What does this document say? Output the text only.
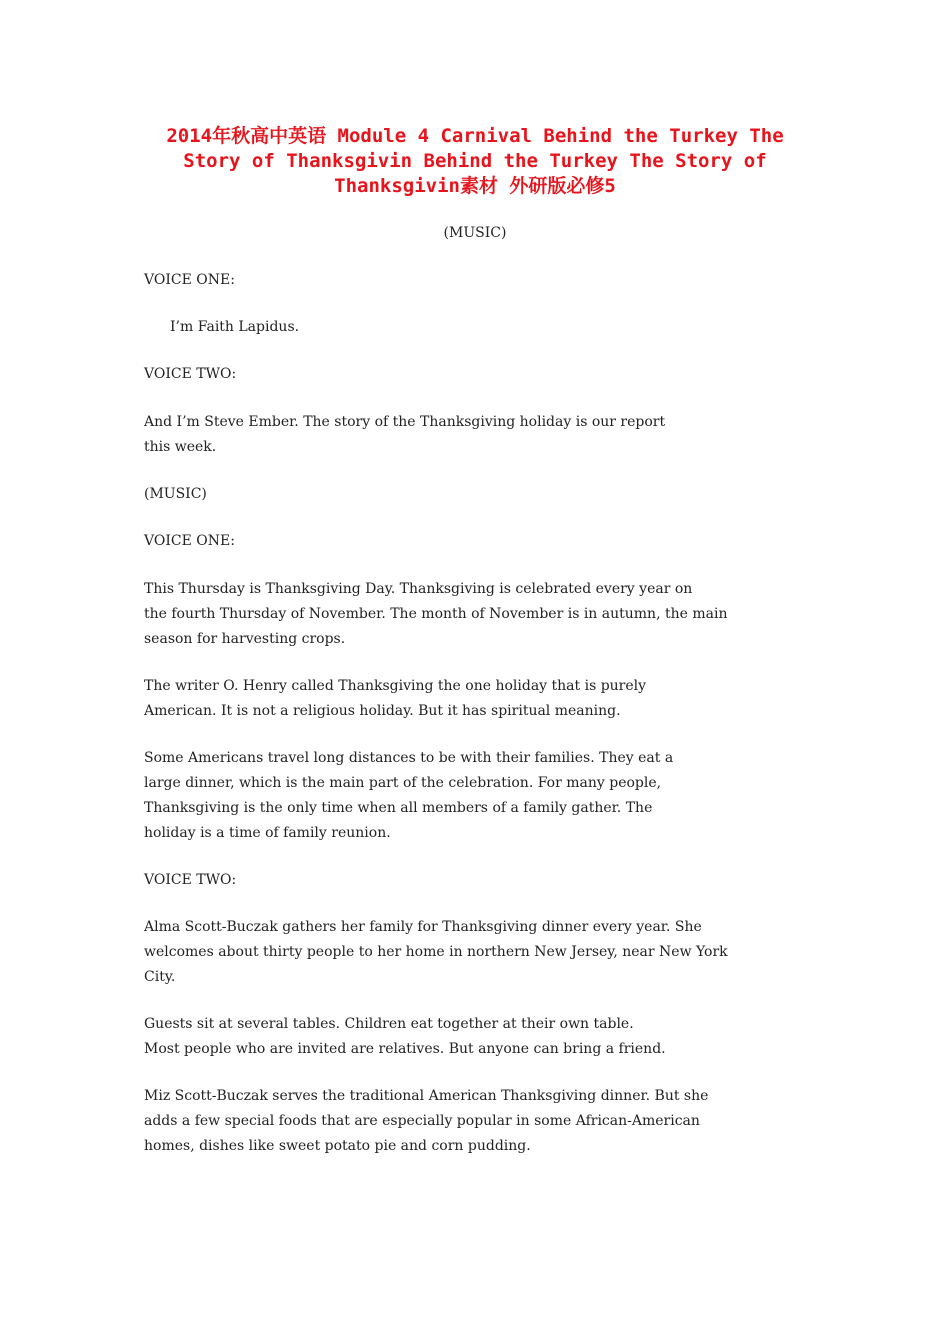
2014年秋高中英语 Module 4 Carnival Behind the Turkey The
Story of Thanksgivin Behind the Turkey The Story of
Thanksgivin素材 外研版必修5

(MUSIC)

VOICE ONE:

I’m Faith Lapidus.

VOICE TWO:

And I’m Steve Ember. The story of the Thanksgiving holiday is our report
this week.

(MUSIC)

VOICE ONE:

This Thursday is Thanksgiving Day. Thanksgiving is celebrated every year on
the fourth Thursday of November. The month of November is in autumn, the main
season for harvesting crops.

The writer O. Henry called Thanksgiving the one holiday that is purely
American. It is not a religious holiday. But it has spiritual meaning.

Some Americans travel long distances to be with their families. They eat a
large dinner, which is the main part of the celebration. For many people,
Thanksgiving is the only time when all members of a family gather. The
holiday is a time of family reunion.

VOICE TWO:

Alma Scott-Buczak gathers her family for Thanksgiving dinner every year. She
welcomes about thirty people to her home in northern New Jersey, near New York
City.

Guests sit at several tables. Children eat together at their own table.
Most people who are invited are relatives. But anyone can bring a friend.

Miz Scott-Buczak serves the traditional American Thanksgiving dinner. But she
adds a few special foods that are especially popular in some African-American
homes, dishes like sweet potato pie and corn pudding.
